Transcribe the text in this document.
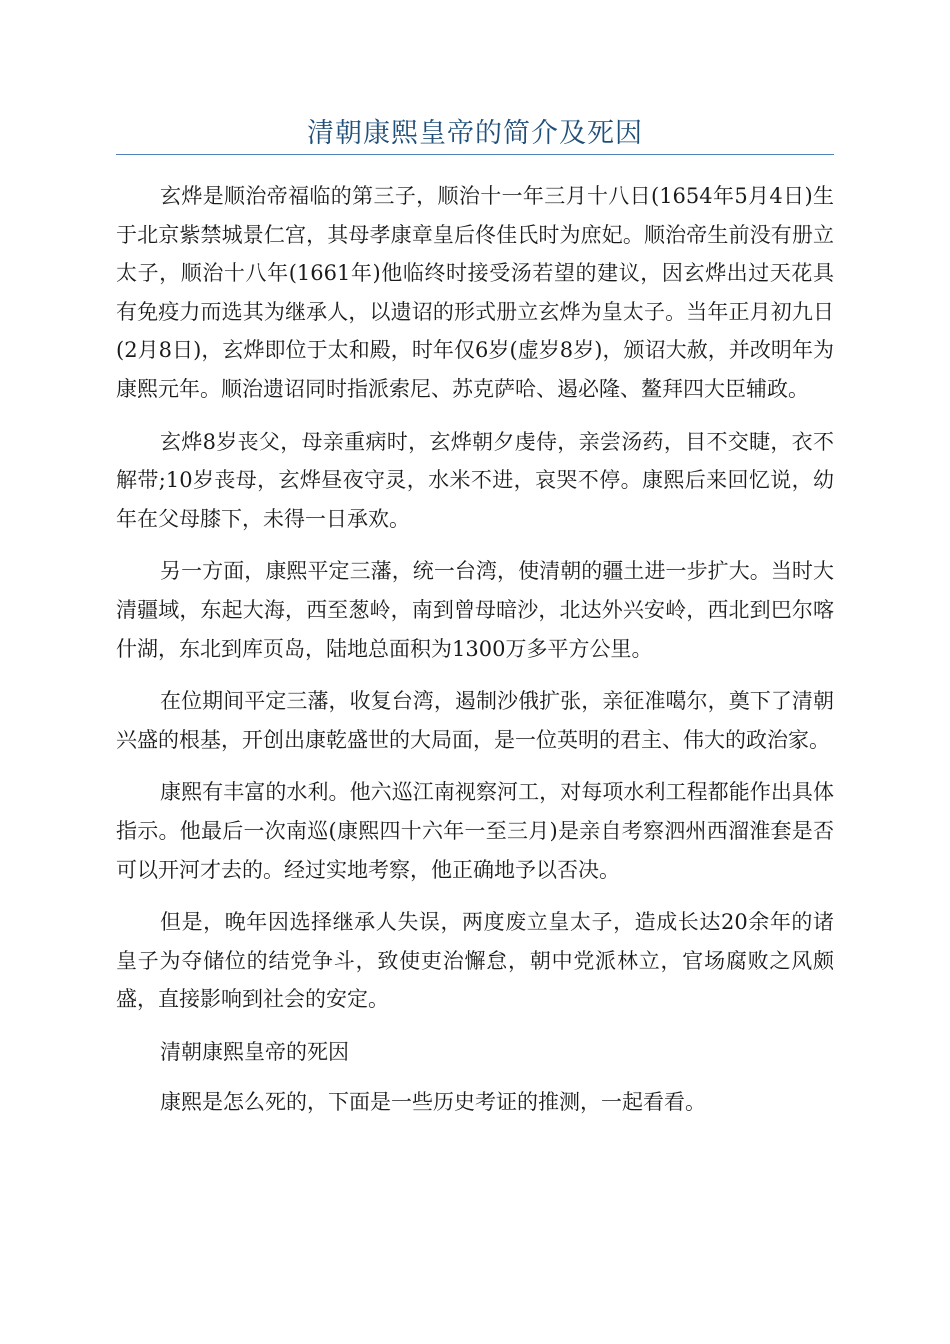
清朝康熙皇帝的简介及死因

玄烨是顺治帝福临的第三子，顺治十一年三月十八日(1654年5月4日)生于北京紫禁城景仁宫，其母孝康章皇后佟佳氏时为庶妃。顺治帝生前没有册立太子，顺治十八年(1661年)他临终时接受汤若望的建议，因玄烨出过天花具有免疫力而选其为继承人，以遗诏的形式册立玄烨为皇太子。当年正月初九日(2月8日)，玄烨即位于太和殿，时年仅6岁(虚岁8岁)，颁诏大赦，并改明年为康熙元年。顺治遗诏同时指派索尼、苏克萨哈、遏必隆、鳌拜四大臣辅政。

玄烨8岁丧父，母亲重病时，玄烨朝夕虔侍，亲尝汤药，目不交睫，衣不解带;10岁丧母，玄烨昼夜守灵，水米不进，哀哭不停。康熙后来回忆说，幼年在父母膝下，未得一日承欢。

另一方面，康熙平定三藩，统一台湾，使清朝的疆土进一步扩大。当时大清疆域，东起大海，西至葱岭，南到曾母暗沙，北达外兴安岭，西北到巴尔喀什湖，东北到库页岛，陆地总面积为1300万多平方公里。

在位期间平定三藩，收复台湾，遏制沙俄扩张，亲征准噶尔，奠下了清朝兴盛的根基，开创出康乾盛世的大局面，是一位英明的君主、伟大的政治家。

康熙有丰富的水利。他六巡江南视察河工，对每项水利工程都能作出具体指示。他最后一次南巡(康熙四十六年一至三月)是亲自考察泗州西溜淮套是否可以开河才去的。经过实地考察，他正确地予以否决。

但是，晚年因选择继承人失误，两度废立皇太子，造成长达20余年的诸皇子为夺储位的结党争斗，致使吏治懈怠，朝中党派林立，官场腐败之风颇盛，直接影响到社会的安定。

清朝康熙皇帝的死因

康熙是怎么死的，下面是一些历史考证的推测，一起看看。
